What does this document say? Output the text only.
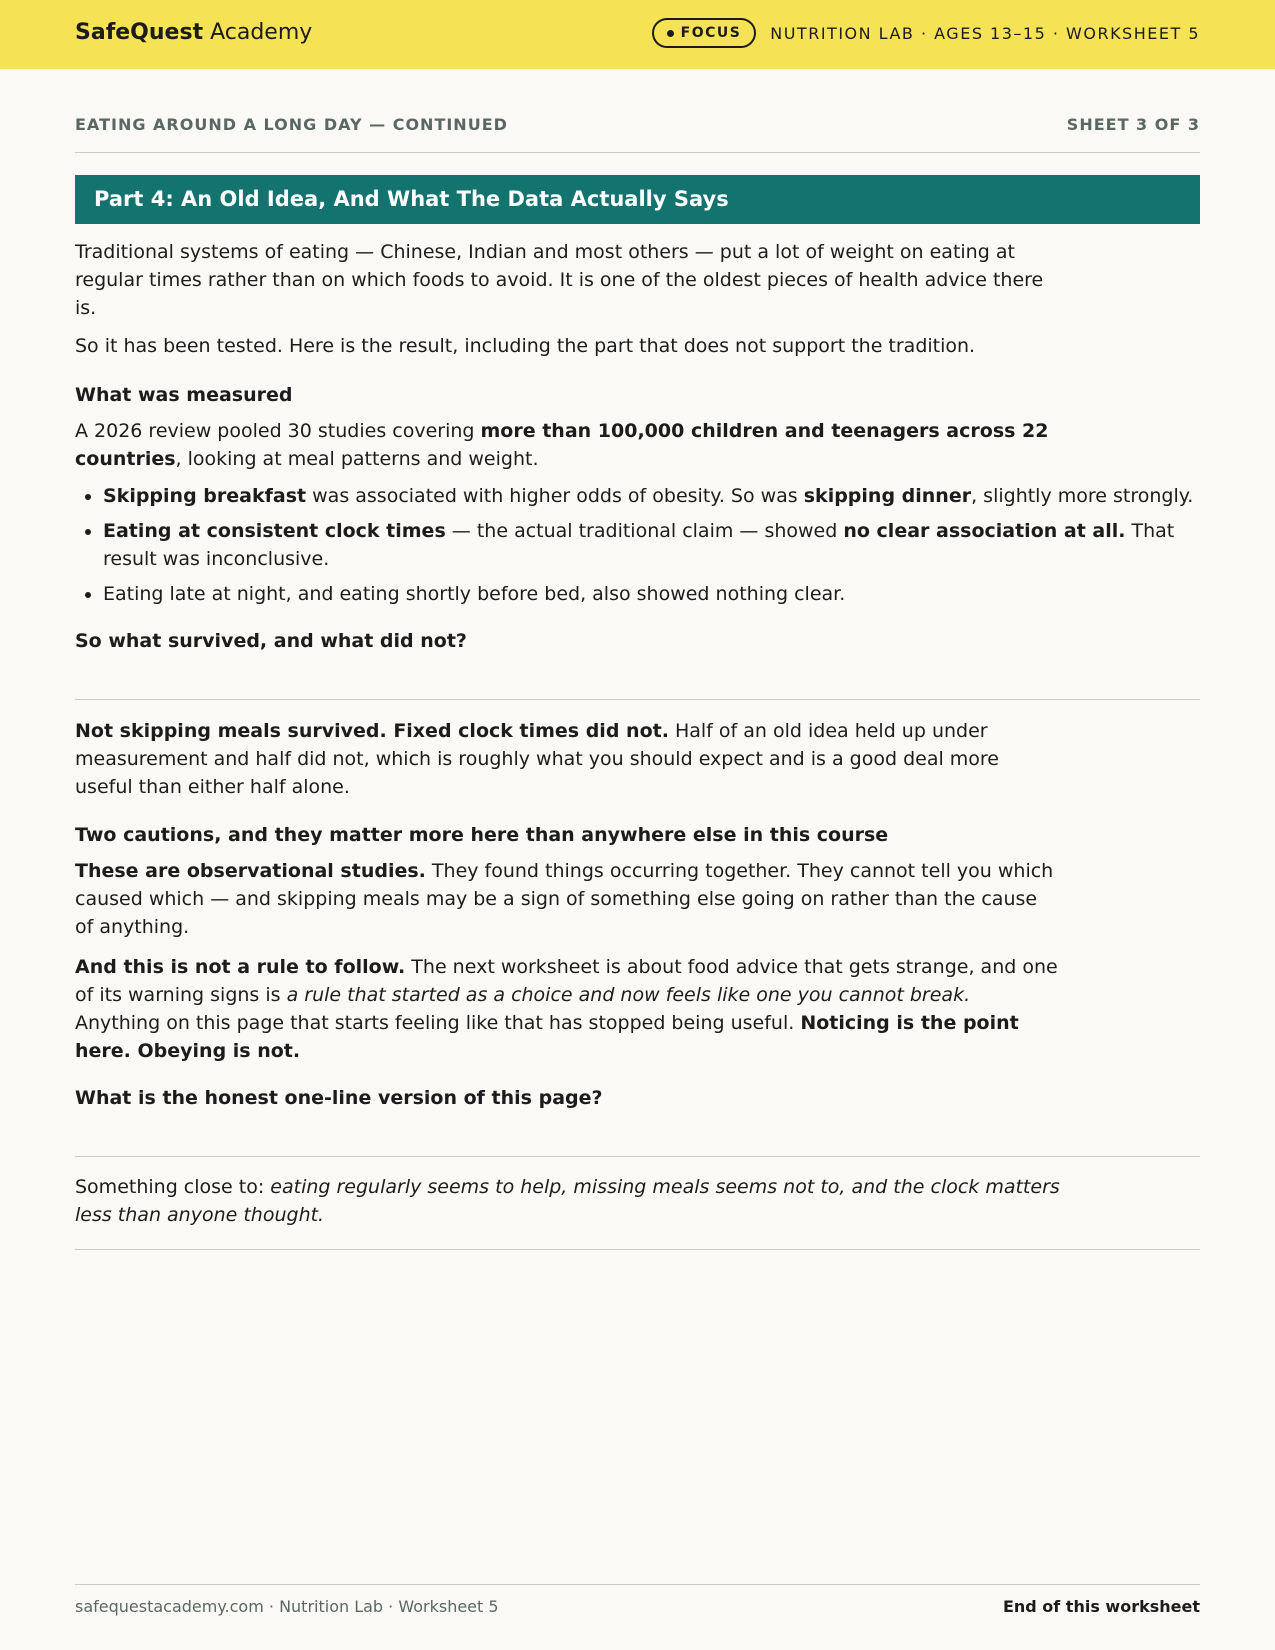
SafeQuest Academy	FOCUS NUTRITION LAB · AGES 13–15 · WORKSHEET 5
EATING AROUND A LONG DAY — CONTINUED	SHEET 3 OF 3
Part 4: An Old Idea, And What The Data Actually Says

Traditional systems of eating — Chinese, Indian and most others — put a lot of weight on eating at regular times rather than on which foods to avoid. It is one of the oldest pieces of health advice there is.

So it has been tested. Here is the result, including the part that does not support the tradition.

What was measured

A 2026 review pooled 30 studies covering more than 100,000 children and teenagers across 22 countries, looking at meal patterns and weight.

• Skipping breakfast was associated with higher odds of obesity. So was skipping dinner, slightly more strongly.
• Eating at consistent clock times — the actual traditional claim — showed no clear association at all. That result was inconclusive.
• Eating late at night, and eating shortly before bed, also showed nothing clear.

So what survived, and what did not?

Not skipping meals survived. Fixed clock times did not. Half of an old idea held up under measurement and half did not, which is roughly what you should expect and is a good deal more useful than either half alone.

Two cautions, and they matter more here than anywhere else in this course

These are observational studies. They found things occurring together. They cannot tell you which caused which — and skipping meals may be a sign of something else going on rather than the cause of anything.

And this is not a rule to follow. The next worksheet is about food advice that gets strange, and one of its warning signs is a rule that started as a choice and now feels like one you cannot break. Anything on this page that starts feeling like that has stopped being useful. Noticing is the point here. Obeying is not.

What is the honest one-line version of this page?

Something close to: eating regularly seems to help, missing meals seems not to, and the clock matters less than anyone thought.

safequestacademy.com · Nutrition Lab · Worksheet 5	End of this worksheet
